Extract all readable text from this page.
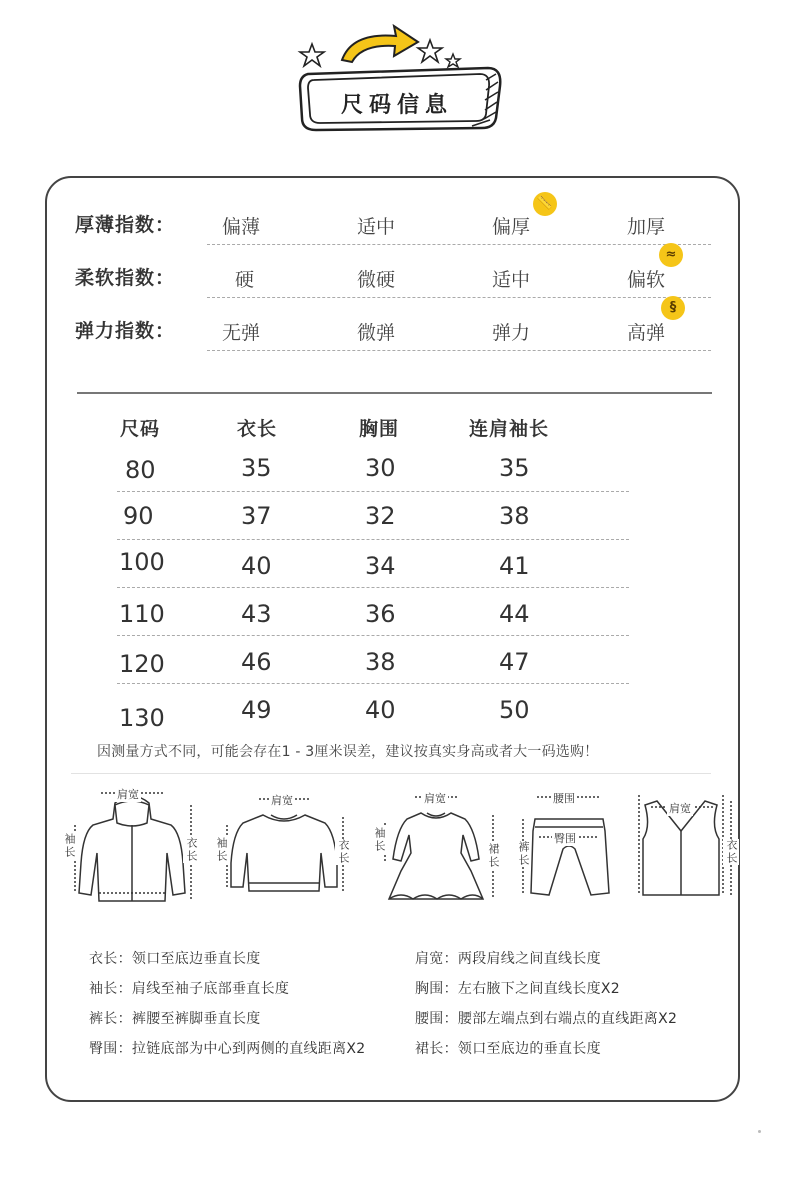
尺码信息
厚薄指数： 偏薄	适中	偏厚	加厚
📏
柔软指数：	硬	微硬	适中	偏软
≈
弹力指数： 无弹	微弹	弹力	高弹
§
尺码	衣长	胸围	连肩袖长
80	35	30	35
90	37	32	38
100	40	34	41
110	43	36	44
120	46	38	47
130	49	40	50
因测量方式不同，可能会存在1 - 3厘米误差，建议按真实身高或者大一码选购！
肩宽
袖长	衣长
肩宽
袖长	衣长
肩宽
袖长
裙长
腰围
臀围
裤长
肩宽
衣长
衣长：领口至底边垂直长度
袖长：肩线至袖子底部垂直长度
裤长：裤腰至裤脚垂直长度
臀围：拉链底部为中心到两侧的直线距离X2
肩宽：两段肩线之间直线长度
胸围：左右腋下之间直线长度X2
腰围：腰部左端点到右端点的直线距离X2
裙长：领口至底边的垂直长度
